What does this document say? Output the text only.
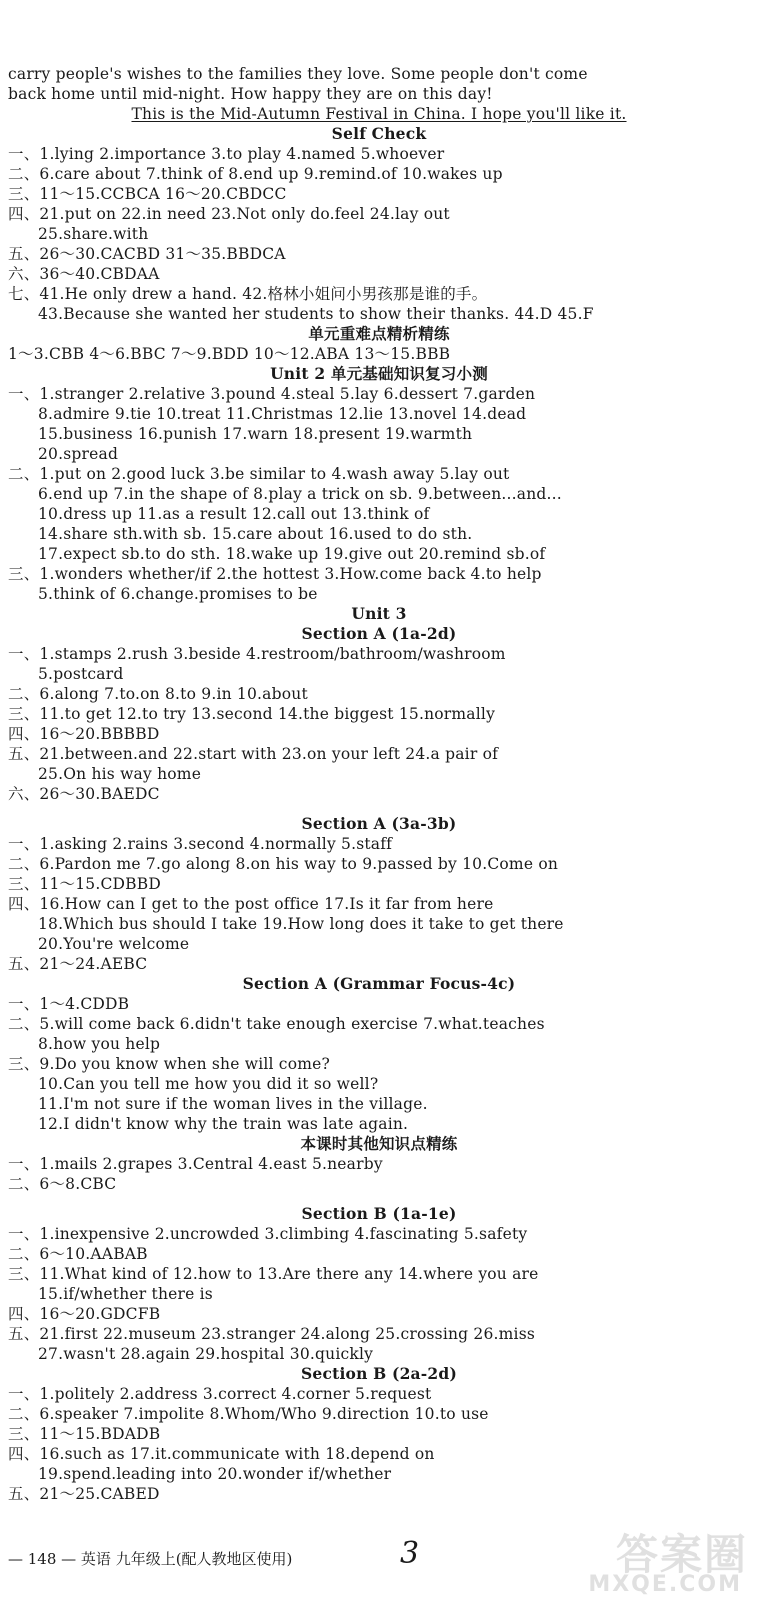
carry people's wishes to the families they love. Some people don't come
back home until mid-night. How happy they are on this day!
This is the Mid-Autumn Festival in China. I hope you'll like it.
Self Check
一、1.lying 2.importance 3.to play 4.named 5.whoever
二、6.care about 7.think of 8.end up 9.remind.of 10.wakes up
三、11～15.CCBCA 16～20.CBDCC
四、21.put on 22.in need 23.Not only do.feel 24.lay out
25.share.with
五、26～30.CACBD 31～35.BBDCA
六、36～40.CBDAA
七、41.He only drew a hand. 42.格林小姐问小男孩那是谁的手。
43.Because she wanted her students to show their thanks. 44.D 45.F
单元重难点精析精练
1～3.CBB 4～6.BBC 7～9.BDD 10～12.ABA 13～15.BBB
Unit 2 单元基础知识复习小测
一、1.stranger 2.relative 3.pound 4.steal 5.lay 6.dessert 7.garden
8.admire 9.tie 10.treat 11.Christmas 12.lie 13.novel 14.dead
15.business 16.punish 17.warn 18.present 19.warmth
20.spread
二、1.put on 2.good luck 3.be similar to 4.wash away 5.lay out
6.end up 7.in the shape of 8.play a trick on sb. 9.between...and...
10.dress up 11.as a result 12.call out 13.think of
14.share sth.with sb. 15.care about 16.used to do sth.
17.expect sb.to do sth. 18.wake up 19.give out 20.remind sb.of
三、1.wonders whether/if 2.the hottest 3.How.come back 4.to help
5.think of 6.change.promises to be
Unit 3
Section A (1a-2d)
一、1.stamps 2.rush 3.beside 4.restroom/bathroom/washroom
5.postcard
二、6.along 7.to.on 8.to 9.in 10.about
三、11.to get 12.to try 13.second 14.the biggest 15.normally
四、16～20.BBBBD
五、21.between.and 22.start with 23.on your left 24.a pair of
25.On his way home
六、26～30.BAEDC
Section A (3a-3b)
一、1.asking 2.rains 3.second 4.normally 5.staff
二、6.Pardon me 7.go along 8.on his way to 9.passed by 10.Come on
三、11～15.CDBBD
四、16.How can I get to the post office 17.Is it far from here
18.Which bus should I take 19.How long does it take to get there
20.You're welcome
五、21～24.AEBC
Section A (Grammar Focus-4c)
一、1～4.CDDB
二、5.will come back 6.didn't take enough exercise 7.what.teaches
8.how you help
三、9.Do you know when she will come?
10.Can you tell me how you did it so well?
11.I'm not sure if the woman lives in the village.
12.I didn't know why the train was late again.
本课时其他知识点精练
一、1.mails 2.grapes 3.Central 4.east 5.nearby
二、6～8.CBC
Section B (1a-1e)
一、1.inexpensive 2.uncrowded 3.climbing 4.fascinating 5.safety
二、6～10.AABAB
三、11.What kind of 12.how to 13.Are there any 14.where you are
15.if/whether there is
四、16～20.GDCFB
五、21.first 22.museum 23.stranger 24.along 25.crossing 26.miss
27.wasn't 28.again 29.hospital 30.quickly
Section B (2a-2d)
一、1.politely 2.address 3.correct 4.corner 5.request
二、6.speaker 7.impolite 8.Whom/Who 9.direction 10.to use
三、11～15.BDADB
四、16.such as 17.it.communicate with 18.depend on
19.spend.leading into 20.wonder if/whether
五、21～25.CABED
— 148 — 英语 九年级上(配人教地区使用)	3	答案圈
MXQE.COM
